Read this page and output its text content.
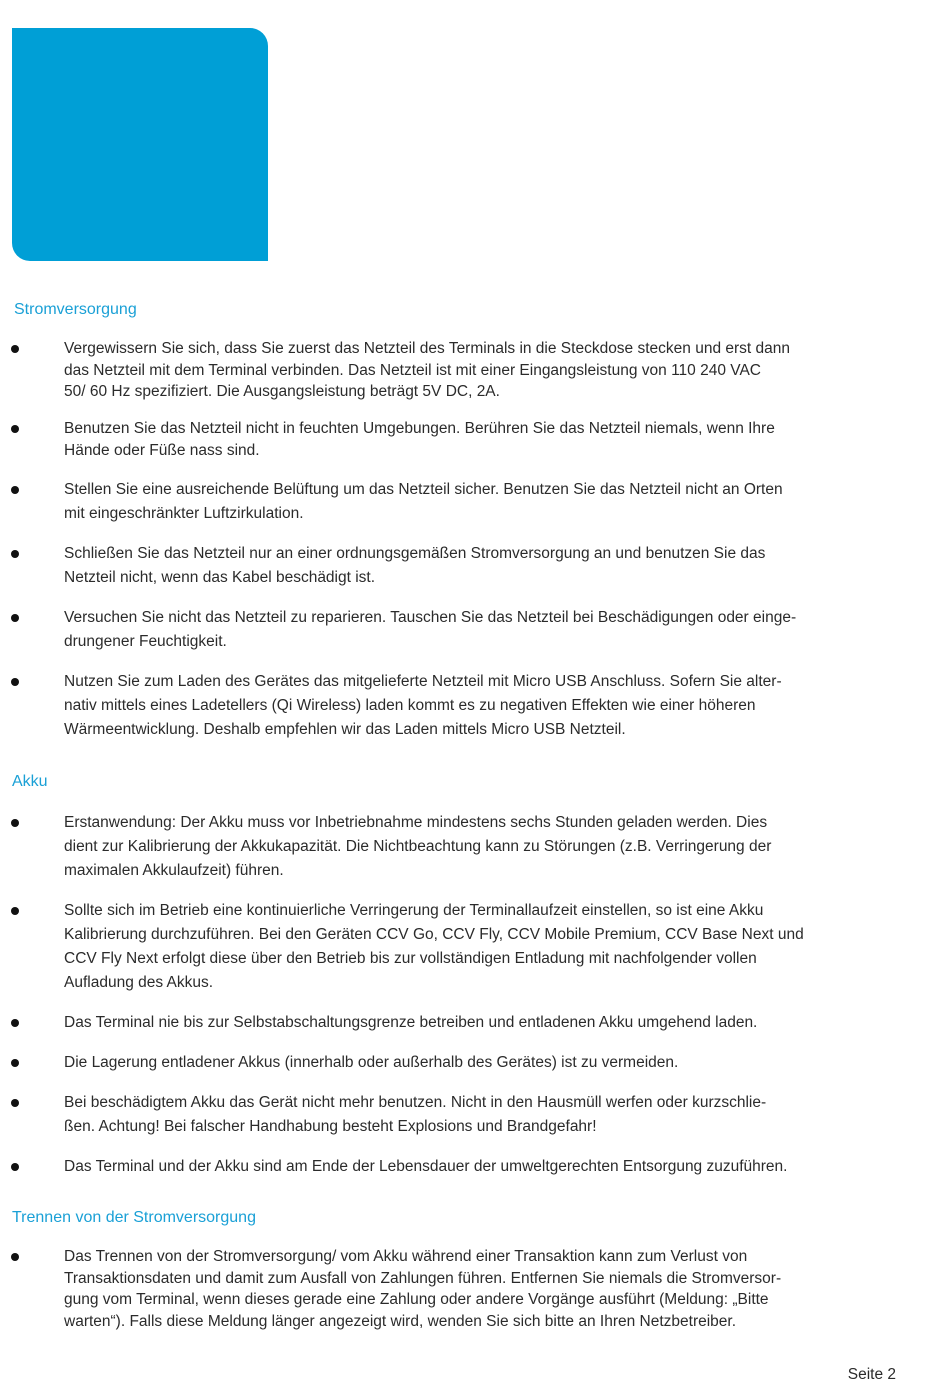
Stromversorgung
Vergewissern Sie sich, dass Sie zuerst das Netzteil des Terminals in die Steckdose stecken und erst dann
das Netzteil mit dem Terminal verbinden. Das Netzteil ist mit einer Eingangsleistung von 110 240 VAC
50/ 60 Hz spezifiziert. Die Ausgangsleistung beträgt 5V DC, 2A.
Benutzen Sie das Netzteil nicht in feuchten Umgebungen. Berühren Sie das Netzteil niemals, wenn Ihre
Hände oder Füße nass sind.
Stellen Sie eine ausreichende Belüftung um das Netzteil sicher. Benutzen Sie das Netzteil nicht an Orten
mit eingeschränkter Luftzirkulation.
Schließen Sie das Netzteil nur an einer ordnungsgemäßen Stromversorgung an und benutzen Sie das
Netzteil nicht, wenn das Kabel beschädigt ist.
Versuchen Sie nicht das Netzteil zu reparieren. Tauschen Sie das Netzteil bei Beschädigungen oder einge-
drungener Feuchtigkeit.
Nutzen Sie zum Laden des Gerätes das mitgelieferte Netzteil mit Micro USB Anschluss. Sofern Sie alter-
nativ mittels eines Ladetellers (Qi Wireless) laden kommt es zu negativen Effekten wie einer höheren
Wärmeentwicklung. Deshalb empfehlen wir das Laden mittels Micro USB Netzteil.
Akku
Erstanwendung: Der Akku muss vor Inbetriebnahme mindestens sechs Stunden geladen werden. Dies
dient zur Kalibrierung der Akkukapazität. Die Nichtbeachtung kann zu Störungen (z.B. Verringerung der
maximalen Akkulaufzeit) führen.
Sollte sich im Betrieb eine kontinuierliche Verringerung der Terminallaufzeit einstellen, so ist eine Akku
Kalibrierung durchzuführen. Bei den Geräten CCV Go, CCV Fly, CCV Mobile Premium, CCV Base Next und
CCV Fly Next erfolgt diese über den Betrieb bis zur vollständigen Entladung mit nachfolgender vollen
Aufladung des Akkus.
Das Terminal nie bis zur Selbstabschaltungsgrenze betreiben und entladenen Akku umgehend laden.
Die Lagerung entladener Akkus (innerhalb oder außerhalb des Gerätes) ist zu vermeiden.
Bei beschädigtem Akku das Gerät nicht mehr benutzen. Nicht in den Hausmüll werfen oder kurzschlie-
ßen. Achtung! Bei falscher Handhabung besteht Explosions und Brandgefahr!
Das Terminal und der Akku sind am Ende der Lebensdauer der umweltgerechten Entsorgung zuzuführen.
Trennen von der Stromversorgung
Das Trennen von der Stromversorgung/ vom Akku während einer Transaktion kann zum Verlust von
Transaktionsdaten und damit zum Ausfall von Zahlungen führen. Entfernen Sie niemals die Stromversor-
gung vom Terminal, wenn dieses gerade eine Zahlung oder andere Vorgänge ausführt (Meldung: „Bitte
warten“). Falls diese Meldung länger angezeigt wird, wenden Sie sich bitte an Ihren Netzbetreiber.
Seite 2
